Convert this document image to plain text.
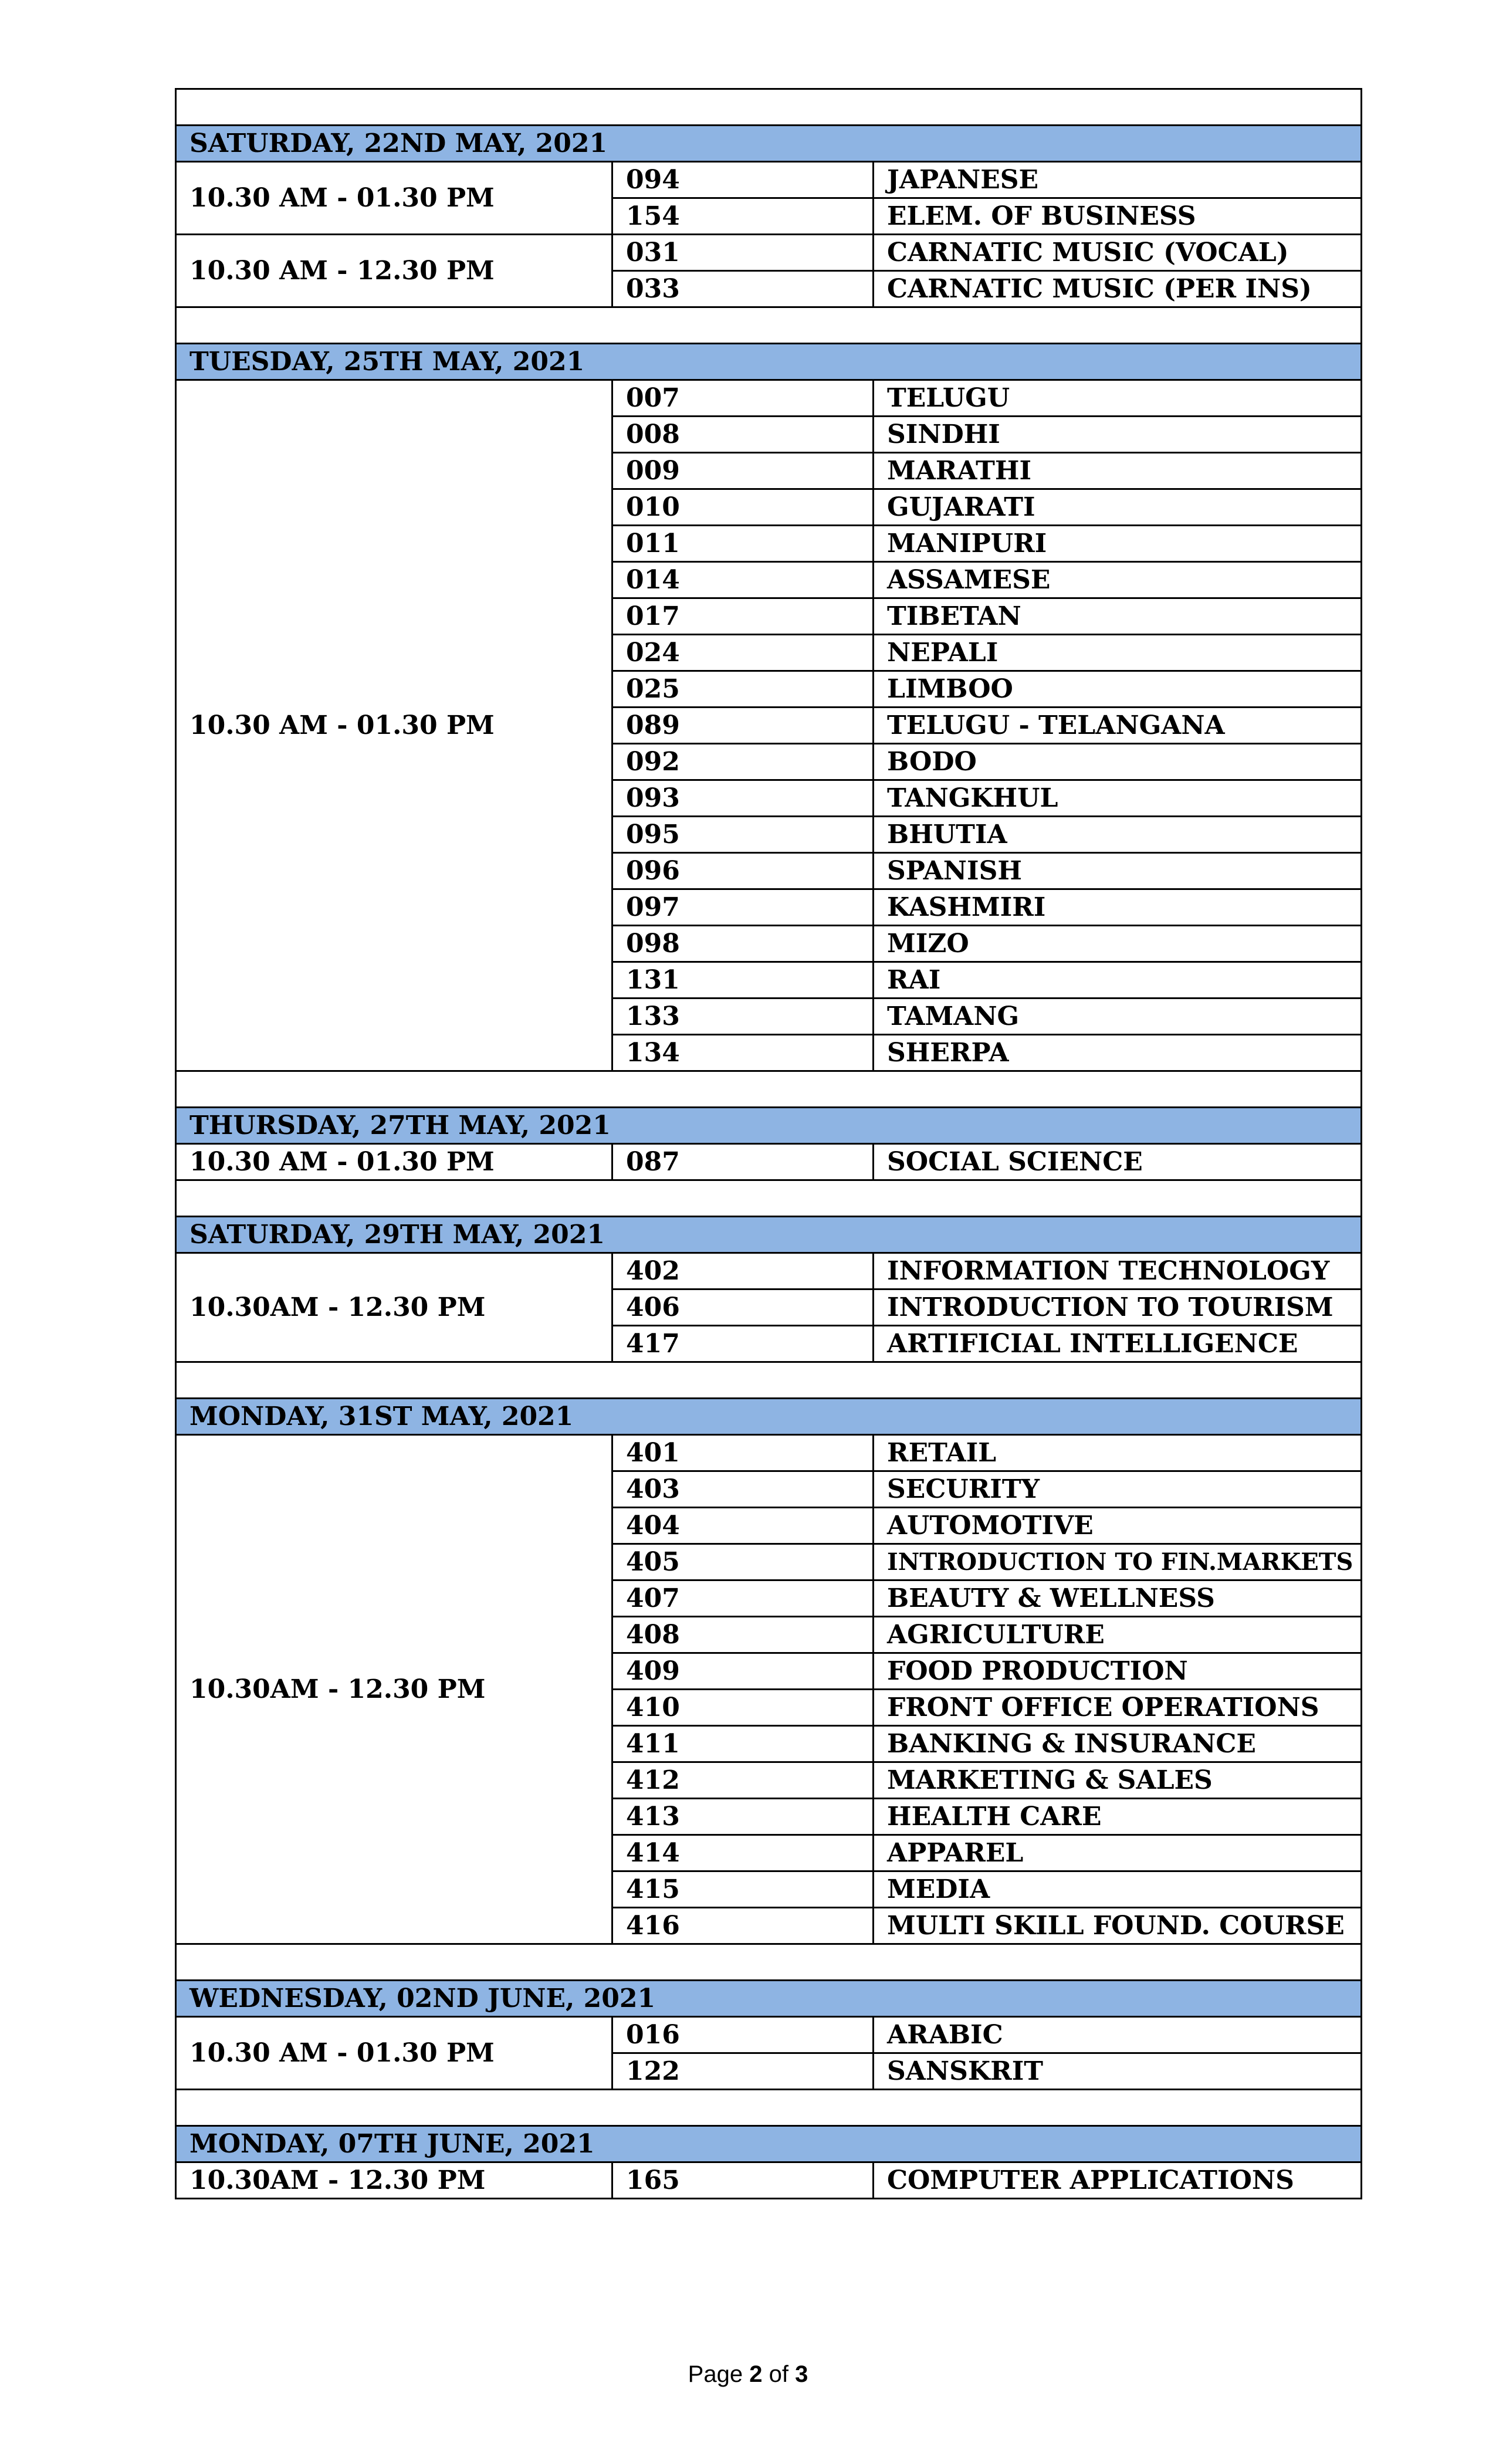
SATURDAY, 22ND MAY, 2021		
10.30 AM - 01.30 PM	094	JAPANESE
	154	ELEM. OF BUSINESS
10.30 AM - 12.30 PM	031	CARNATIC MUSIC (VOCAL)
	033	CARNATIC MUSIC (PER INS)

TUESDAY, 25TH MAY, 2021		
10.30 AM - 01.30 PM	007	TELUGU
	008	SINDHI
	009	MARATHI
	010	GUJARATI
	011	MANIPURI
	014	ASSAMESE
	017	TIBETAN
	024	NEPALI
	025	LIMBOO
	089	TELUGU - TELANGANA
	092	BODO
	093	TANGKHUL
	095	BHUTIA
	096	SPANISH
	097	KASHMIRI
	098	MIZO
	131	RAI
	133	TAMANG
	134	SHERPA

THURSDAY, 27TH MAY, 2021		
10.30 AM - 01.30 PM	087	SOCIAL SCIENCE

SATURDAY, 29TH MAY, 2021		
10.30AM - 12.30 PM	402	INFORMATION TECHNOLOGY
	406	INTRODUCTION TO TOURISM
	417	ARTIFICIAL INTELLIGENCE

MONDAY, 31ST MAY, 2021		
10.30AM - 12.30 PM	401	RETAIL
	403	SECURITY
	404	AUTOMOTIVE
	405	INTRODUCTION TO FIN.MARKETS
	407	BEAUTY & WELLNESS
	408	AGRICULTURE
	409	FOOD PRODUCTION
	410	FRONT OFFICE OPERATIONS
	411	BANKING & INSURANCE
	412	MARKETING & SALES
	413	HEALTH CARE
	414	APPAREL
	415	MEDIA
	416	MULTI SKILL FOUND. COURSE

WEDNESDAY, 02ND JUNE, 2021		
10.30 AM - 01.30 PM	016	ARABIC
	122	SANSKRIT

MONDAY, 07TH JUNE, 2021		
10.30AM - 12.30 PM	165	COMPUTER APPLICATIONS
Page 2 of 3
